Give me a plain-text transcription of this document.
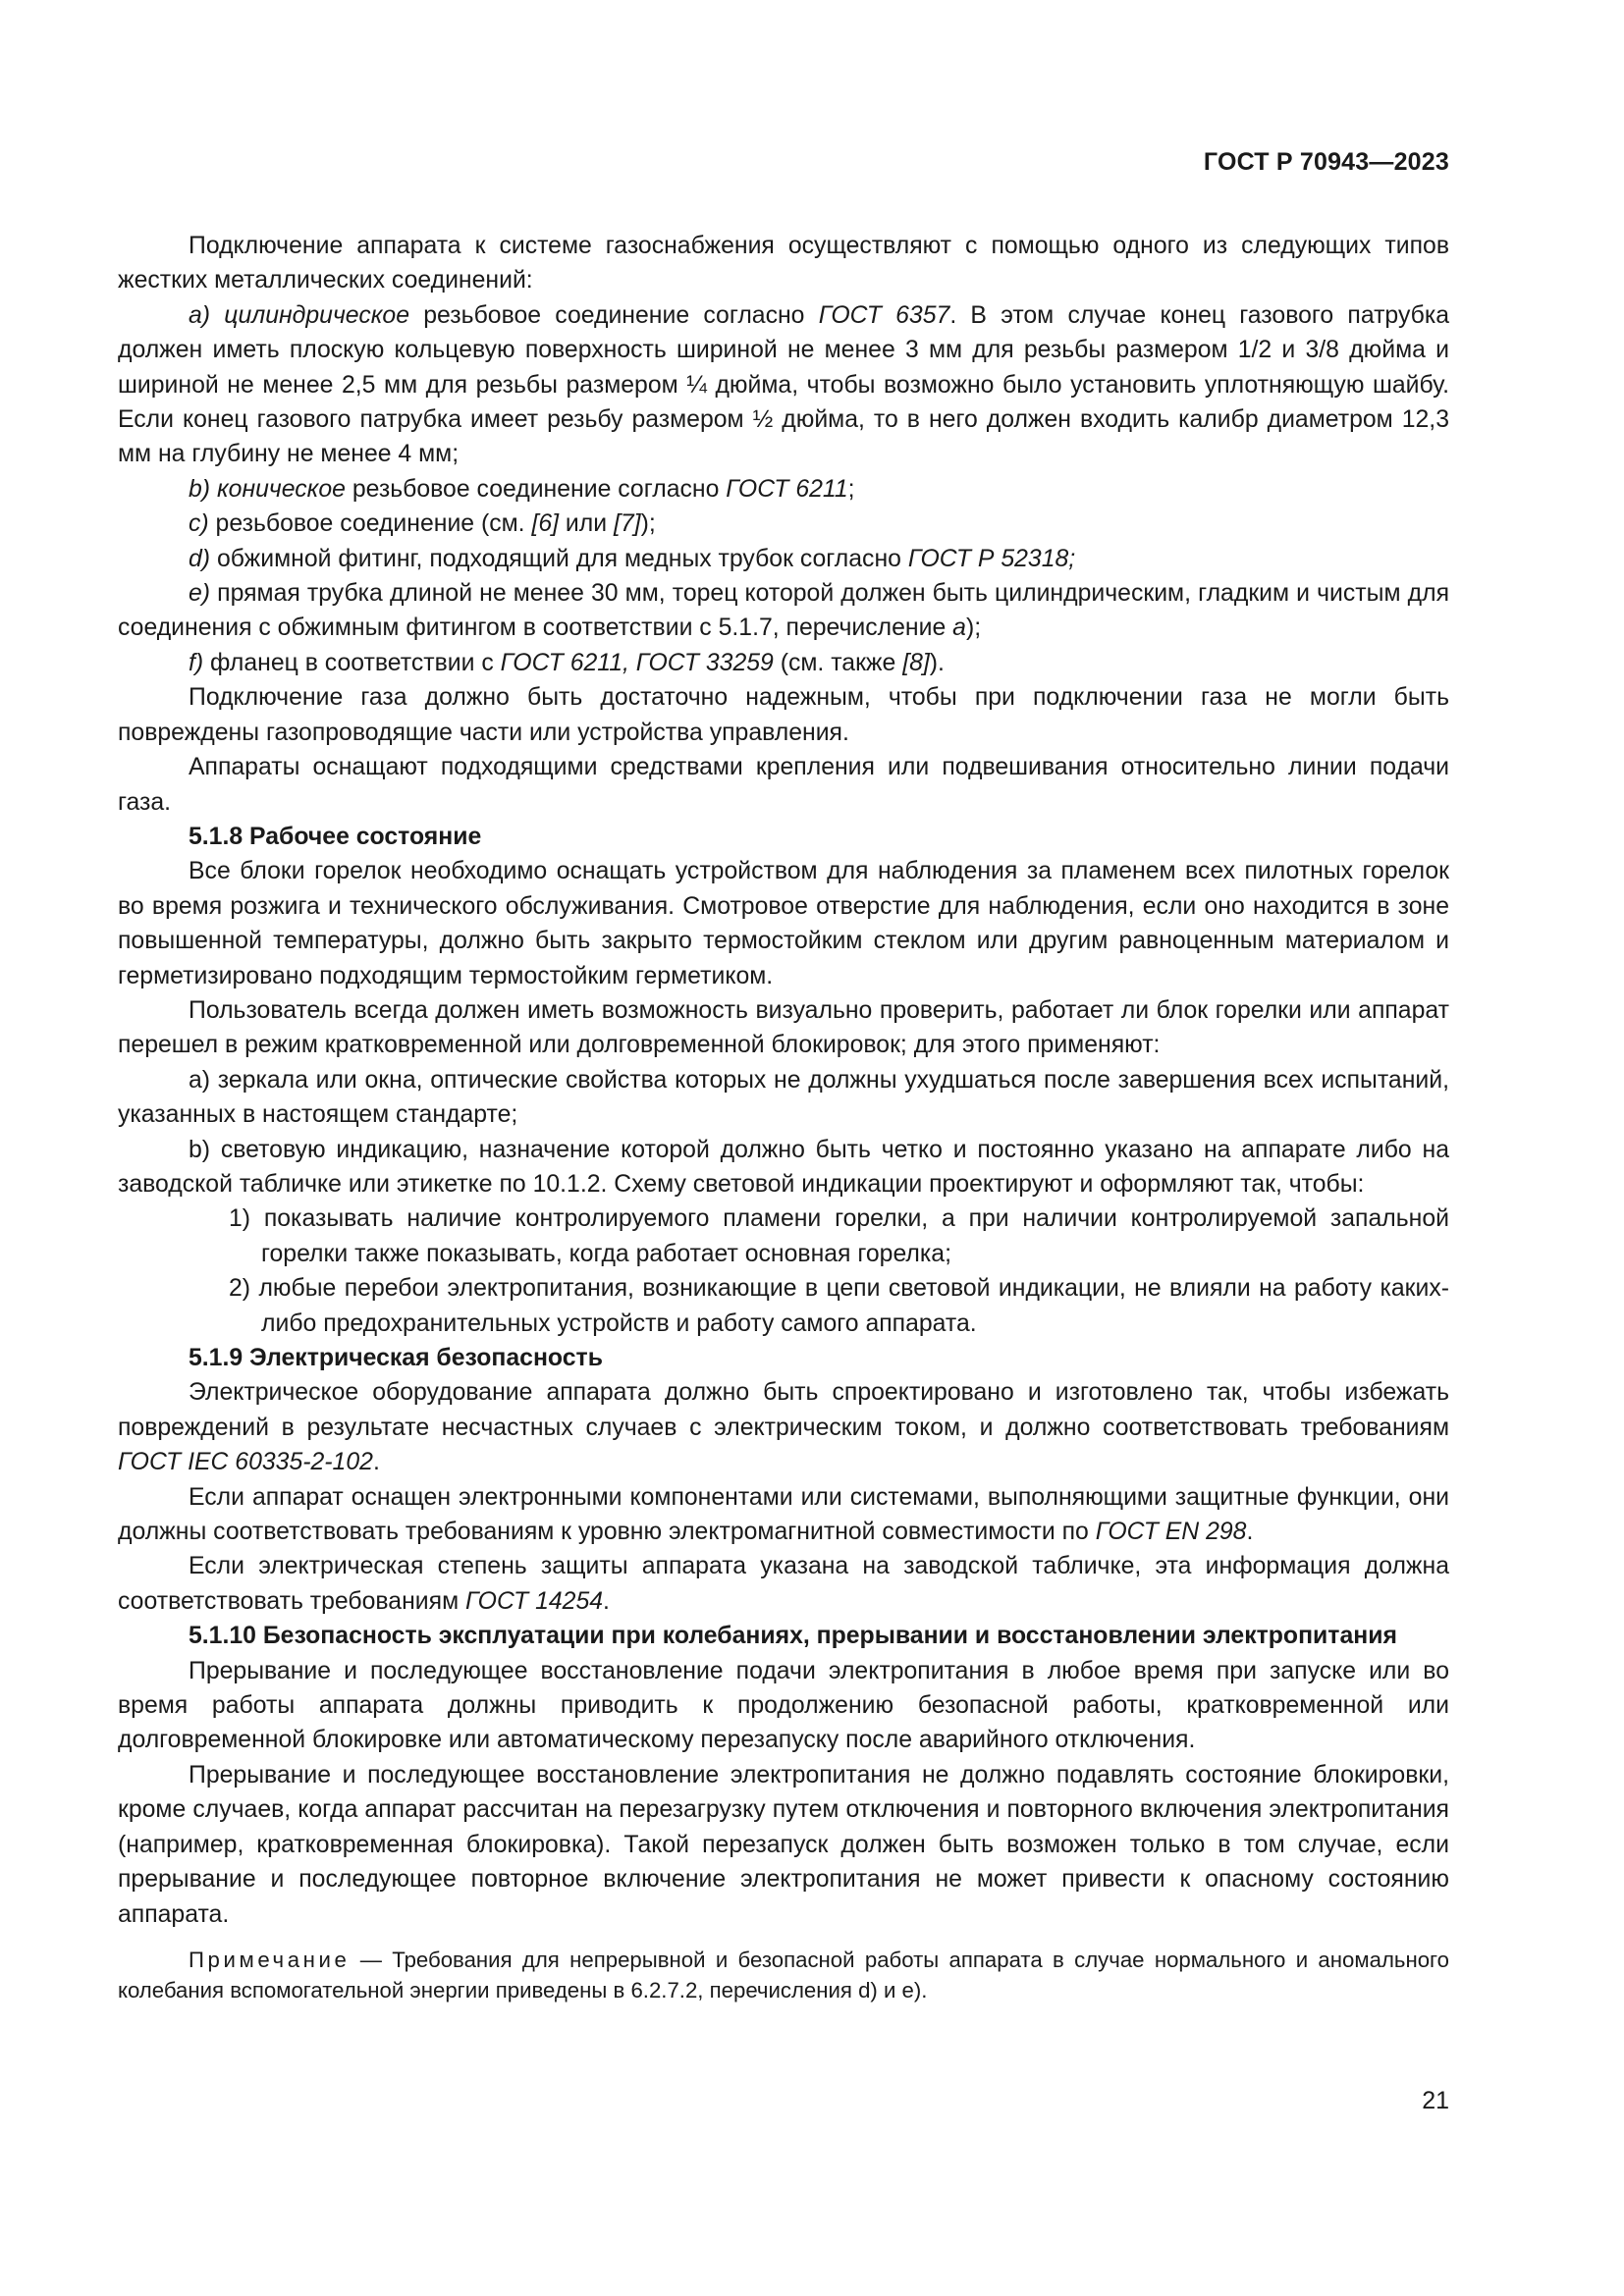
ГОСТ Р 70943—2023

Подключение аппарата к системе газоснабжения осуществляют с помощью одного из следующих типов жестких металлических соединений:

а) цилиндрическое резьбовое соединение согласно ГОСТ 6357. В этом случае конец газового патрубка должен иметь плоскую кольцевую поверхность шириной не менее 3 мм для резьбы размером 1/2 и 3/8 дюйма и шириной не менее 2,5 мм для резьбы размером ¼ дюйма, чтобы возможно было установить уплотняющую шайбу. Если конец газового патрубка имеет резьбу размером ½ дюйма, то в него должен входить калибр диаметром 12,3 мм на глубину не менее 4 мм;

b) коническое резьбовое соединение согласно ГОСТ 6211;

с) резьбовое соединение (см. [6] или [7]);

d) обжимной фитинг, подходящий для медных трубок согласно ГОСТ Р 52318;

е) прямая трубка длиной не менее 30 мм, торец которой должен быть цилиндрическим, гладким и чистым для соединения с обжимным фитингом в соответствии с 5.1.7, перечисление а);

f) фланец в соответствии с ГОСТ 6211, ГОСТ 33259 (см. также [8]).

Подключение газа должно быть достаточно надежным, чтобы при подключении газа не могли быть повреждены газопроводящие части или устройства управления.

Аппараты оснащают подходящими средствами крепления или подвешивания относительно линии подачи газа.

5.1.8 Рабочее состояние

Все блоки горелок необходимо оснащать устройством для наблюдения за пламенем всех пилотных горелок во время розжига и технического обслуживания. Смотровое отверстие для наблюдения, если оно находится в зоне повышенной температуры, должно быть закрыто термостойким стеклом или другим равноценным материалом и герметизировано подходящим термостойким герметиком.

Пользователь всегда должен иметь возможность визуально проверить, работает ли блок горелки или аппарат перешел в режим кратковременной или долговременной блокировок; для этого применяют:

а) зеркала или окна, оптические свойства которых не должны ухудшаться после завершения всех испытаний, указанных в настоящем стандарте;

b) световую индикацию, назначение которой должно быть четко и постоянно указано на аппарате либо на заводской табличке или этикетке по 10.1.2. Схему световой индикации проектируют и оформляют так, чтобы:

1) показывать наличие контролируемого пламени горелки, а при наличии контролируемой запальной горелки также показывать, когда работает основная горелка;

2) любые перебои электропитания, возникающие в цепи световой индикации, не влияли на работу каких-либо предохранительных устройств и работу самого аппарата.

5.1.9 Электрическая безопасность

Электрическое оборудование аппарата должно быть спроектировано и изготовлено так, чтобы избежать повреждений в результате несчастных случаев с электрическим током, и должно соответствовать требованиям ГОСТ IEC 60335-2-102.

Если аппарат оснащен электронными компонентами или системами, выполняющими защитные функции, они должны соответствовать требованиям к уровню электромагнитной совместимости по ГОСТ EN 298.

Если электрическая степень защиты аппарата указана на заводской табличке, эта информация должна соответствовать требованиям ГОСТ 14254.

5.1.10 Безопасность эксплуатации при колебаниях, прерывании и восстановлении электропитания

Прерывание и последующее восстановление подачи электропитания в любое время при запуске или во время работы аппарата должны приводить к продолжению безопасной работы, кратковременной или долговременной блокировке или автоматическому перезапуску после аварийного отключения.

Прерывание и последующее восстановление электропитания не должно подавлять состояние блокировки, кроме случаев, когда аппарат рассчитан на перезагрузку путем отключения и повторного включения электропитания (например, кратковременная блокировка). Такой перезапуск должен быть возможен только в том случае, если прерывание и последующее повторное включение электропитания не может привести к опасному состоянию аппарата.

Примечание — Требования для непрерывной и безопасной работы аппарата в случае нормального и аномального колебания вспомогательной энергии приведены в 6.2.7.2, перечисления d) и е).

21
